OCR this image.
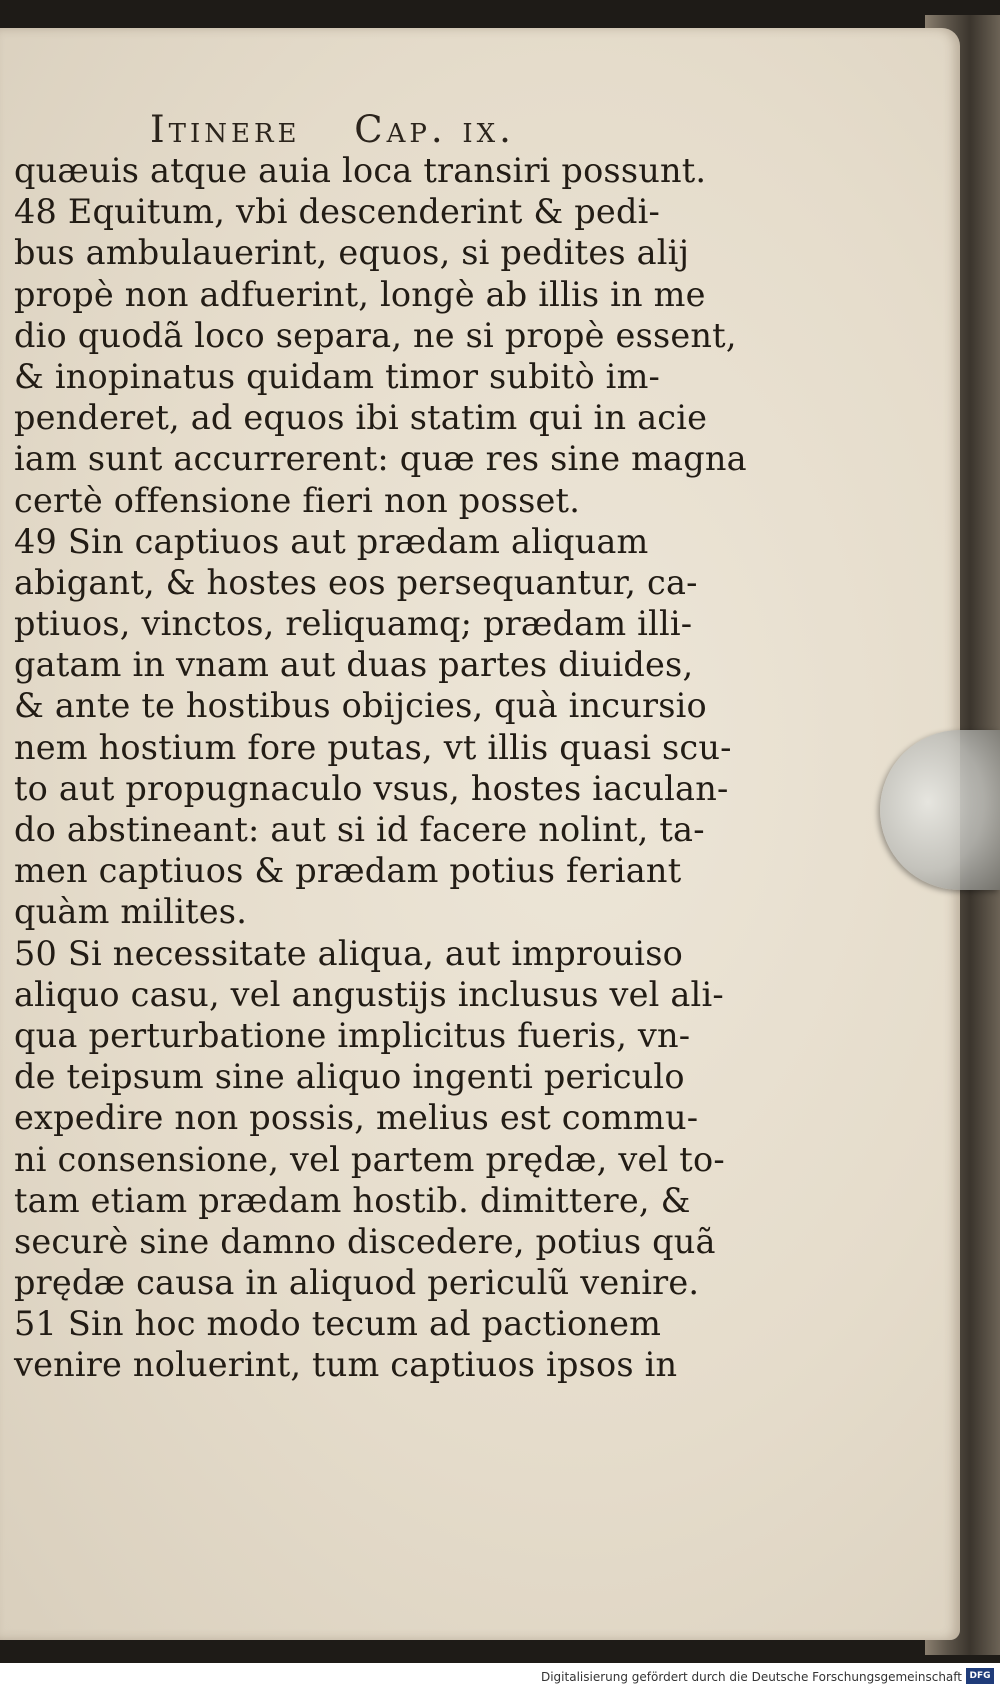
Itinere Cap. ix.
quæuis atque auia loca transiri possunt.
48 Equitum, vbi descenderint & pedi-
bus ambulauerint, equos, si pedites alij
propè non adfuerint, longè ab illis in me
dio quodã loco separa, ne si propè essent,
& inopinatus quidam timor subitò im-
penderet, ad equos ibi statim qui in acie
iam sunt accurrerent: quæ res sine magna
certè offensione fieri non posset.
49 Sin captiuos aut prædam aliquam
abigant, & hostes eos persequantur, ca-
ptiuos, vinctos, reliquamq; prædam illi-
gatam in vnam aut duas partes diuides,
& ante te hostibus obijcies, quà incursio
nem hostium fore putas, vt illis quasi scu-
to aut propugnaculo vsus, hostes iaculan-
do abstineant: aut si id facere nolint, ta-
men captiuos & prædam potius feriant
quàm milites.
50 Si necessitate aliqua, aut improuiso
aliquo casu, vel angustijs inclusus vel ali-
qua perturbatione implicitus fueris, vn-
de teipsum sine aliquo ingenti periculo
expedire non possis, melius est commu-
ni consensione, vel partem prędæ, vel to-
tam etiam prædam hostib. dimittere, &
securè sine damno discedere, potius quã
prędæ causa in aliquod periculũ venire.
51 Sin hoc modo tecum ad pactionem
venire noluerint, tum captiuos ipsos in
Digitalisierung gefördert durch die Deutsche Forschungsgemeinschaft DFG
